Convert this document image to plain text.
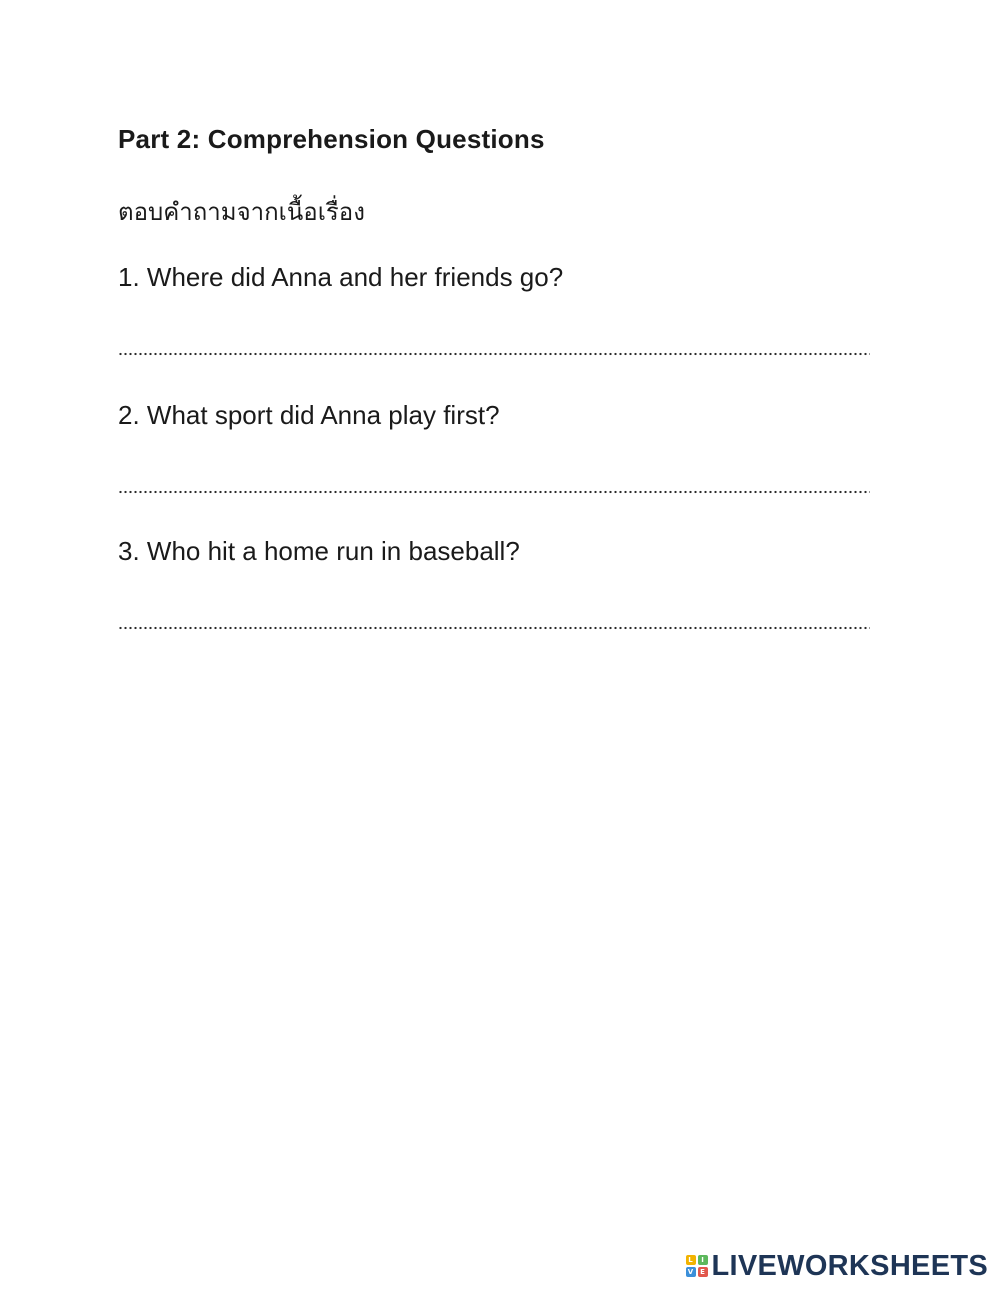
Part 2: Comprehension Questions
ตอบคำถามจากเนื้อเรื่อง
1. Where did Anna and her friends go?
2. What sport did Anna play first?
3. Who hit a home run in baseball?
L	I
V E LIVEWORKSHEETS
